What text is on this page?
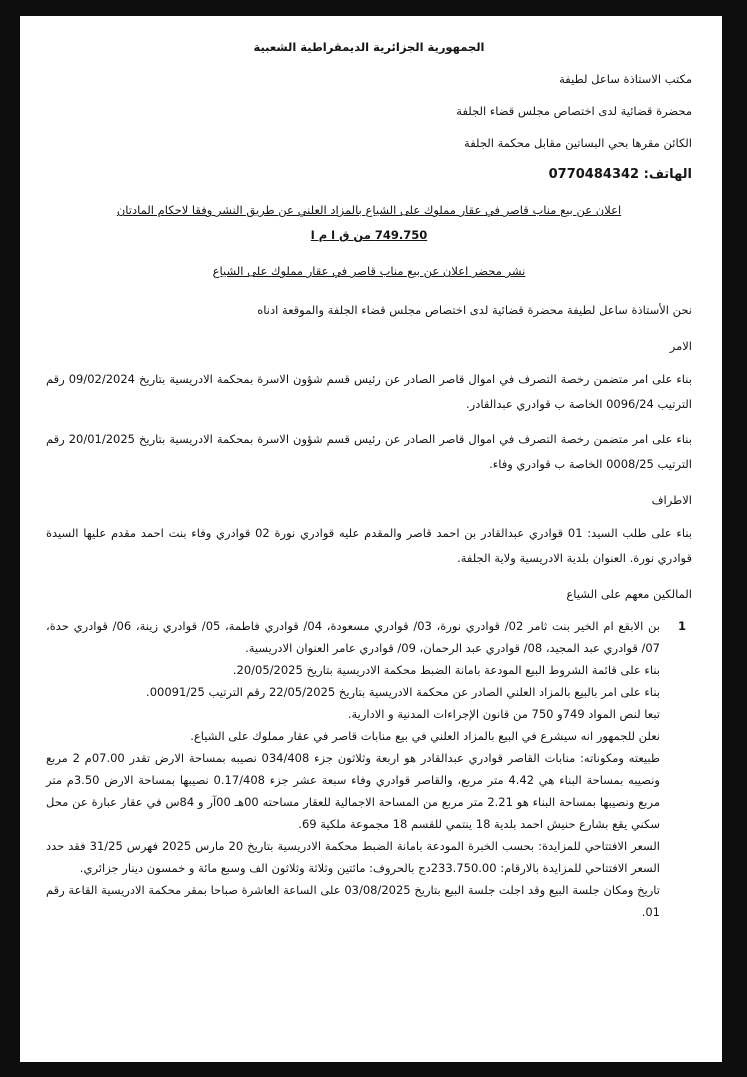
الجمهورية الجزائرية الديمقراطية الشعبية
مكتب الاستاذة ساعل لطيفة
محضرة قضائية لدى اختصاص مجلس قضاء الجلفة
الكائن مقرها بحي البساتين مقابل محكمة الجلفة
الهاتف: 0770484342
اعلان عن بيع مناب قاصر في عقار مملوك على الشياع بالمزاد العلني عن طريق النشر وفقا لاحكام المادتان
749.750 من ق ا م ا
نشر محضر اعلان عن بيع مناب قاصر في عقار مملوك على الشياع

نحن الأستاذة ساعل لطيفة محضرة قضائية لدى اختصاص مجلس قضاء الجلفة والموقعة ادناه

الامر

بناء على امر متضمن رخصة التصرف في اموال قاصر الصادر عن رئيس قسم شؤون الاسرة بمحكمة الادريسية بتاريخ 09/02/2024 رقم الترتيب 0096/24 الخاصة ب قوادري عبدالقادر.

بناء على امر متضمن رخصة التصرف في اموال قاصر الصادر عن رئيس قسم شؤون الاسرة بمحكمة الادريسية بتاريخ 20/01/2025 رقم الترتيب 0008/25 الخاصة ب قوادري وفاء.

الاطراف

بناء على طلب السيد: 01 قوادري عبدالقادر بن احمد قاصر والمقدم عليه قوادري نورة 02 قوادري وفاء بنت احمد مقدم عليها السيدة قوادري نورة. العنوان بلدية الادريسية ولاية الجلفة.

المالكين معهم على الشياع
1

بن الابقع ام الخير بنت ثامر 02/ قوادري نورة، 03/ قوادري مسعودة، 04/ قوادري فاطمة، 05/ قوادري زينة، 06/ قوادري حدة، 07/ قوادري عبد المجيد، 08/ قوادري عبد الرحمان، 09/ قوادري عامر العنوان الادريسية.

بناء على قائمة الشروط البيع المودعة بامانة الضبط محكمة الادريسية بتاريخ 20/05/2025.

بناء على امر بالبيع بالمزاد العلني الصادر عن محكمة الادريسية بتاريخ 22/05/2025 رقم الترتيب 00091/25.

تبعا لنص المواد 749و 750 من قانون الإجراءات المدنية و الادارية.

نعلن للجمهور انه سيشرع في البيع بالمزاد العلني في بيع منابات قاصر في عقار مملوك على الشياع.

طبيعته ومكوناته: منابات القاصر قوادري عبدالقادر هو اربعة وثلاثون جزء 034/408 نصيبه بمساحة الارض تقدر 07.00م 2 مربع ونصيبه بمساحة البناء هي 4.42 متر مربع، والقاصر قوادري وفاء سبعة عشر جزء 0.17/408 نصيبها بمساحة الارض 3.50م متر مربع ونصيبها بمساحة البناء هو 2.21 متر مربع من المساحة الاجمالية للعقار مساحته 00هـ 00آر و 84س في عقار عبارة عن محل سكني يقع بشارع حنيش احمد بلدية 18 ينتمي للقسم 18 مجموعة ملكية 69.

السعر الافتتاحي للمزايدة: بحسب الخبرة المودعة بامانة الضبط محكمة الادريسية بتاريخ 20 مارس 2025 فهرس 31/25 فقد حدد السعر الافتتاحي للمزايدة بالارقام: 233.750.00دج بالحروف: مائتين وثلاثة وثلاثون الف وسبع مائة و خمسون دينار جزائري.

تاريخ ومكان جلسة البيع وقد اجلت جلسة البيع بتاريخ 03/08/2025 على الساعة العاشرة صباحا بمقر محكمة الادريسية القاعة رقم 01.
